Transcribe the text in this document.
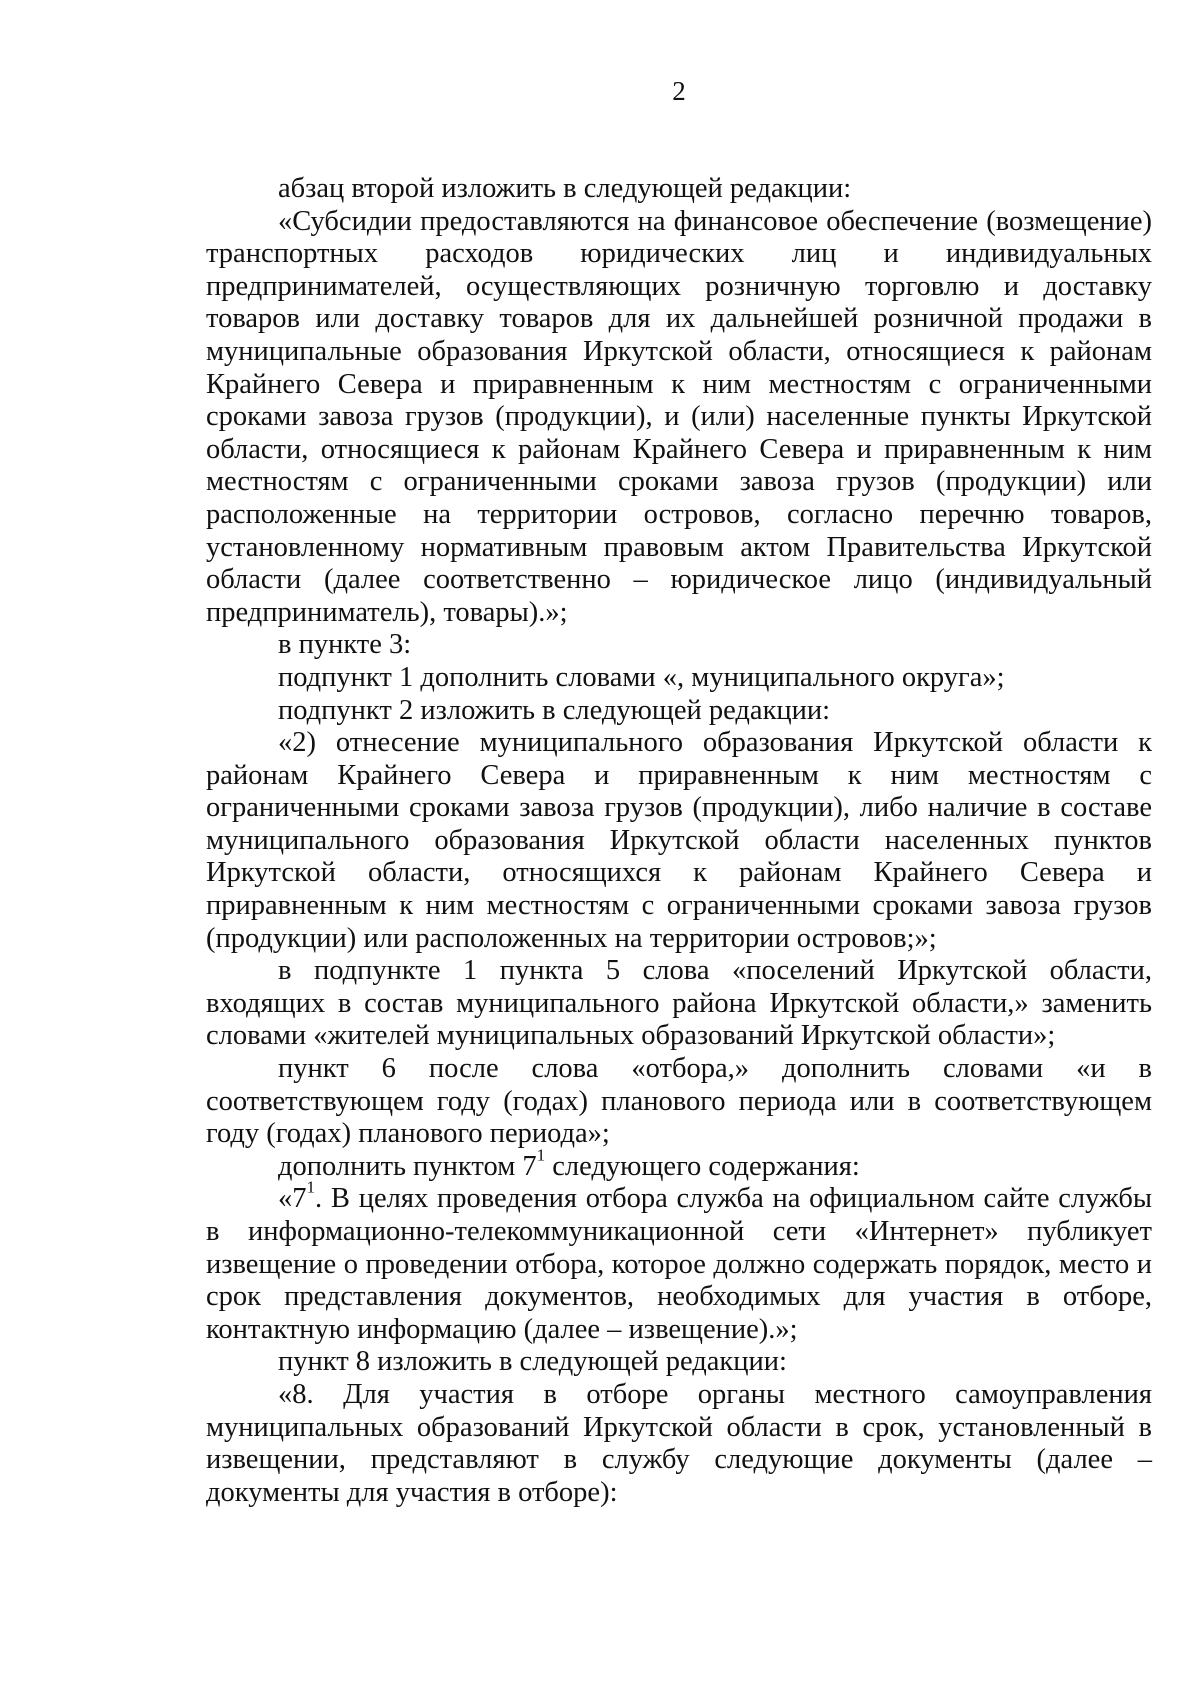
2

абзац второй изложить в следующей редакции:

«Субсидии предоставляются на финансовое обеспечение (возмещение) транспортных расходов юридических лиц и индивидуальных предпринимателей, осуществляющих розничную торговлю и доставку товаров или доставку товаров для их дальнейшей розничной продажи в муниципальные образования Иркутской области, относящиеся к районам Крайнего Севера и приравненным к ним местностям с ограниченными сроками завоза грузов (продукции), и (или) населенные пункты Иркутской области, относящиеся к районам Крайнего Севера и приравненным к ним местностям с ограниченными сроками завоза грузов (продукции) или расположенные на территории островов, согласно перечню товаров, установленному нормативным правовым актом Правительства Иркутской области (далее соответственно – юридическое лицо (индивидуальный предприниматель), товары).»;

в пункте 3:

подпункт 1 дополнить словами «, муниципального округа»;

подпункт 2 изложить в следующей редакции:

«2) отнесение муниципального образования Иркутской области к районам Крайнего Севера и приравненным к ним местностям с ограниченными сроками завоза грузов (продукции), либо наличие в составе муниципального образования Иркутской области населенных пунктов Иркутской области, относящихся к районам Крайнего Севера и приравненным к ним местностям с ограниченными сроками завоза грузов (продукции) или расположенных на территории островов;»;

в подпункте 1 пункта 5 слова «поселений Иркутской области, входящих в состав муниципального района Иркутской области,» заменить словами «жителей муниципальных образований Иркутской области»;

пункт 6 после слова «отбора,» дополнить словами «и в соответствующем году (годах) планового периода или в соответствующем году (годах) планового периода»;

дополнить пунктом $7^1$ следующего содержания:

«$7^1$. В целях проведения отбора служба на официальном сайте службы в информационно-телекоммуникационной сети «Интернет» публикует извещение о проведении отбора, которое должно содержать порядок, место и срок представления документов, необходимых для участия в отборе, контактную информацию (далее – извещение).»;

пункт 8 изложить в следующей редакции:

«8. Для участия в отборе органы местного самоуправления муниципальных образований Иркутской области в срок, установленный в извещении, представляют в службу следующие документы (далее – документы для участия в отборе):
